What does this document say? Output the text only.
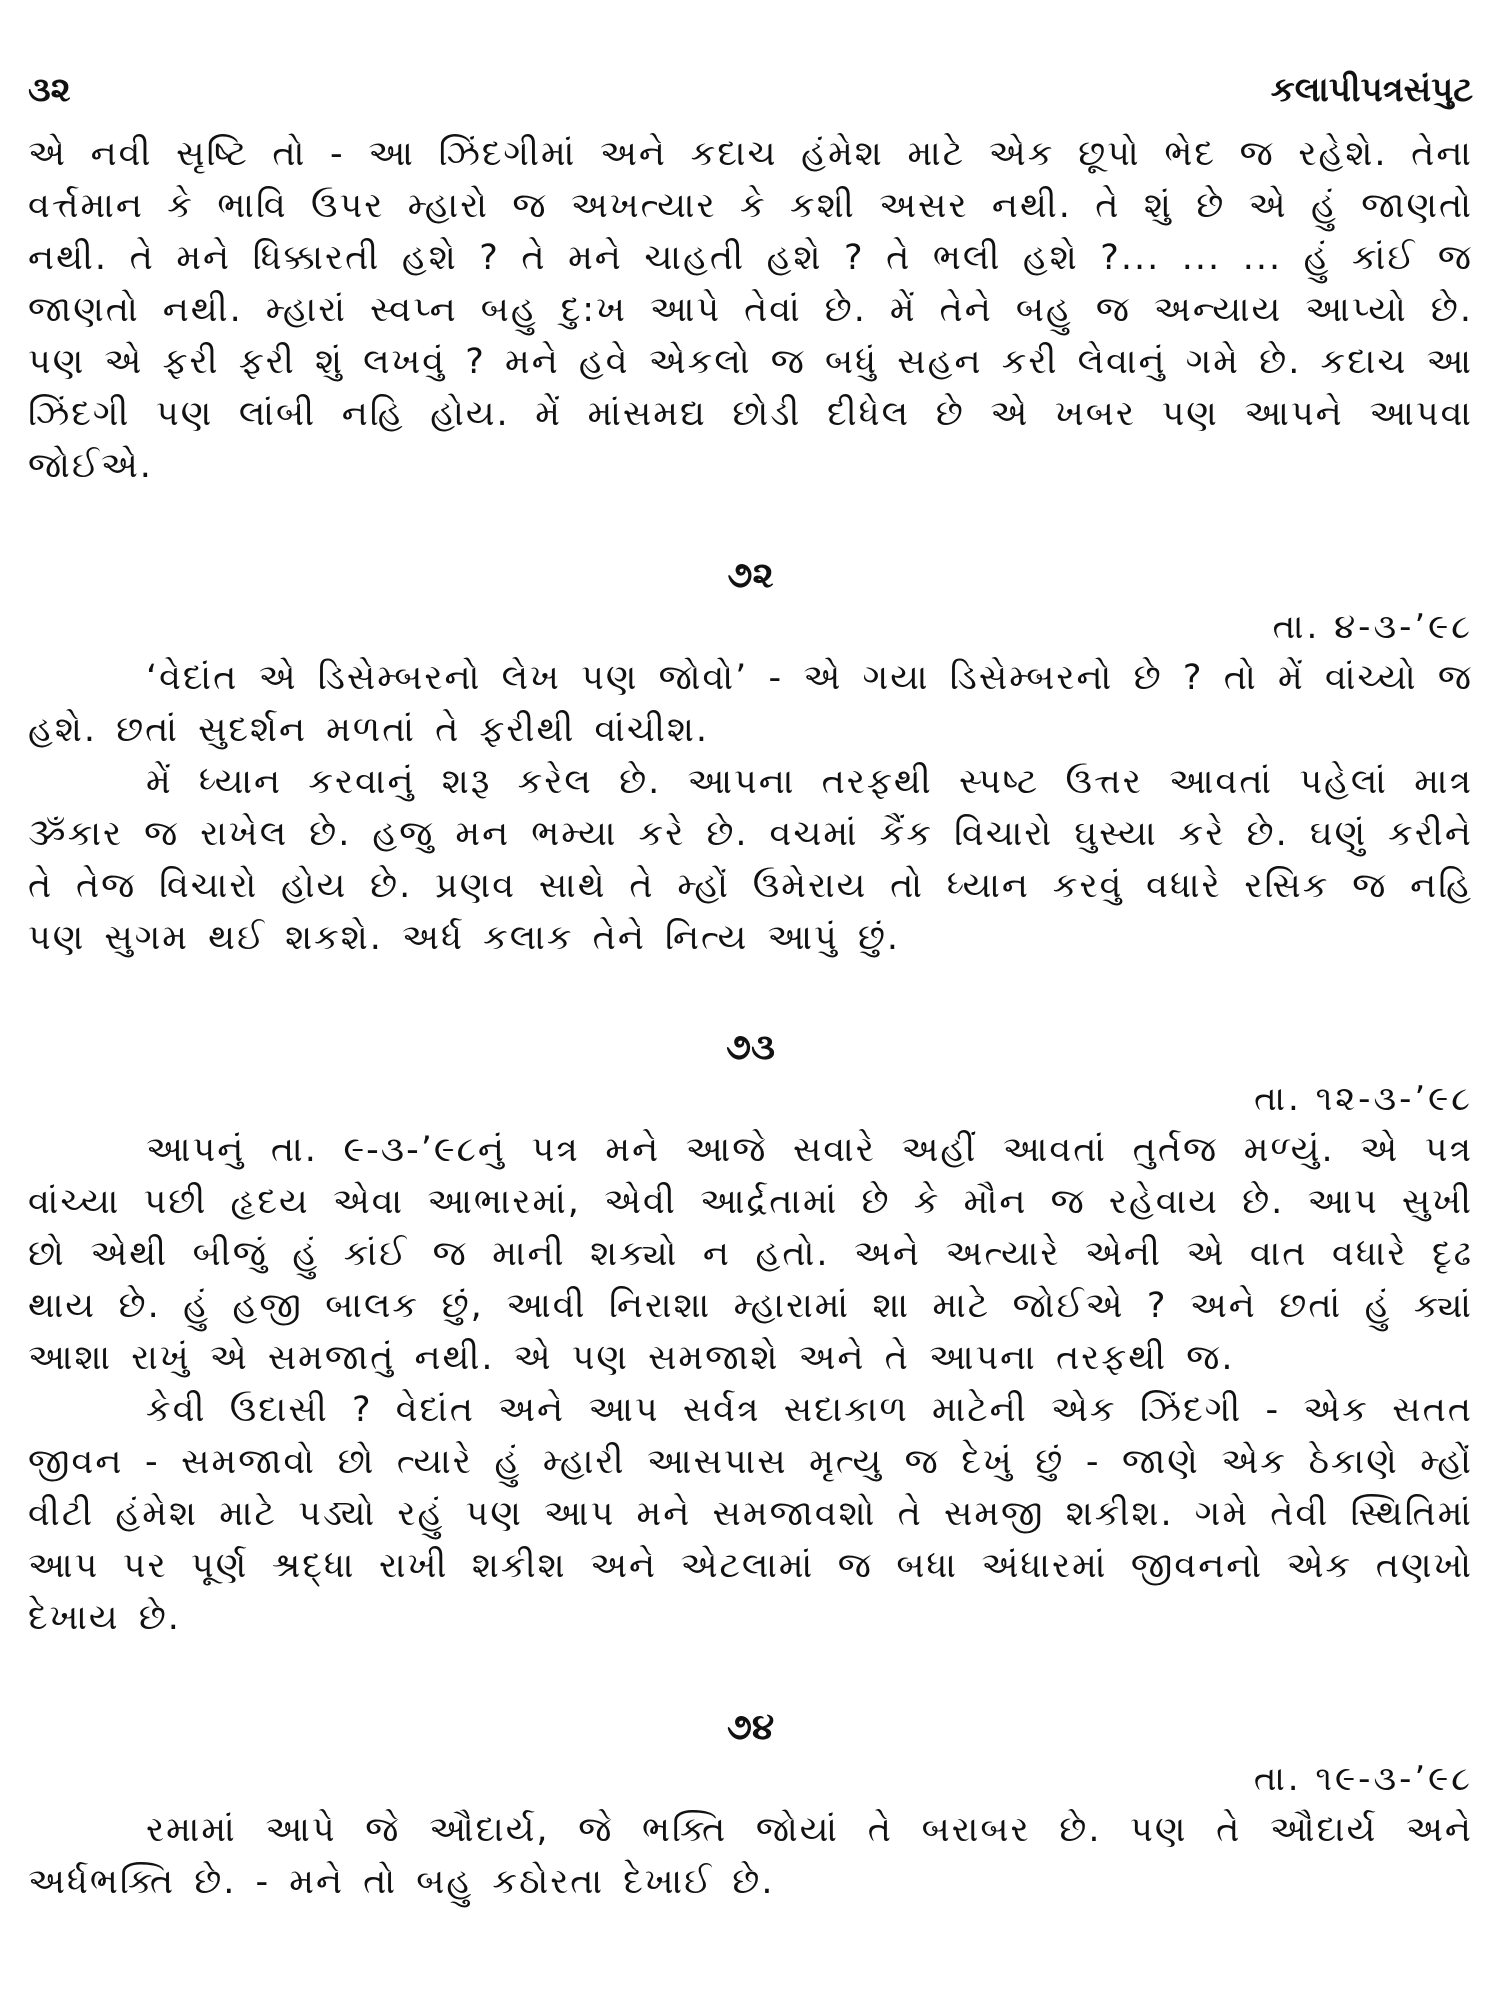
૩૨	કલાપીપત્રસંપુટ

એ નવી સૃષ્ટિ તો - આ ઝિંદગીમાં અને કદાચ હંમેશ માટે એક છૂપો ભેદ જ રહેશે. તેના વર્ત્તમાન કે ભાવિ ઉપર મ્હારો જ અખત્યાર કે કશી અસર નથી. તે શું છે એ હું જાણતો નથી. તે મને ધિક્કારતી હશે ? તે મને ચાહતી હશે ? તે ભલી હશે ?... ... ... હું કાંઈ જ જાણતો નથી. મ્હારાં સ્વપ્ન બહુ દુ:ખ આપે તેવાં છે. મેં તેને બહુ જ અન્યાય આપ્યો છે. પણ એ ફરી ફરી શું લખવું ? મને હવે એકલો જ બધું સહન કરી લેવાનું ગમે છે. કદાચ આ ઝિંદગી પણ લાંબી નહિ હોય. મેં માંસમદ્ય છોડી દીધેલ છે એ ખબર પણ આપને આપવા જોઈએ.

૭૨
તા. ૪-૩-’૯૮

‘વેદાંત એ ડિસેમ્બરનો લેખ પણ જોવો’ - એ ગયા ડિસેમ્બરનો છે ? તો મેં વાંચ્યો જ હશે. છતાં સુદર્શન મળતાં તે ફરીથી વાંચીશ.

મેં ધ્યાન કરવાનું શરૂ કરેલ છે. આપના તરફથી સ્પષ્ટ ઉત્તર આવતાં પહેલાં માત્ર ૐકાર જ રાખેલ છે. હજુ મન ભમ્યા કરે છે. વચમાં કૈંક વિચારો ઘુસ્યા કરે છે. ઘણું કરીને તે તેજ વિચારો હોય છે. પ્રણવ સાથે તે મ્હોં ઉમેરાય તો ધ્યાન કરવું વધારે રસિક જ નહિ પણ સુગમ થઈ શકશે. અર્ધ કલાક તેને નિત્ય આપું છું.

૭૩
તા. ૧૨-૩-’૯૮

આપનું તા. ૯-૩-’૯૮નું પત્ર મને આજે સવારે અહીં આવતાં તુર્તજ મળ્યું. એ પત્ર વાંચ્યા પછી હૃદય એવા આભારમાં, એવી આર્દ્રતામાં છે કે મૌન જ રહેવાય છે. આપ સુખી છો એથી બીજું હું કાંઈ જ માની શક્યો ન હતો. અને અત્યારે એની એ વાત વધારે દૃઢ થાય છે. હું હજી બાલક છું, આવી નિરાશા મ્હારામાં શા માટે જોઈએ ? અને છતાં હું ક્યાં આશા રાખું એ સમજાતું નથી. એ પણ સમજાશે અને તે આપના તરફથી જ.

કેવી ઉદાસી ? વેદાંત અને આપ સર્વત્ર સદાકાળ માટેની એક ઝિંદગી - એક સતત જીવન - સમજાવો છો ત્યારે હું મ્હારી આસપાસ મૃત્યુ જ દેખું છું - જાણે એક ઠેકાણે મ્હોં વીટી હંમેશ માટે પડ્યો રહું પણ આપ મને સમજાવશો તે સમજી શકીશ. ગમે તેવી સ્થિતિમાં આપ પર પૂર્ણ શ્રદ્ધા રાખી શકીશ અને એટલામાં જ બધા અંધારમાં જીવનનો એક તણખો દેખાય છે.

૭૪
તા. ૧૯-૩-’૯૮

રમામાં આપે જે ઔદાર્ય, જે ભક્તિ જોયાં તે બરાબર છે. પણ તે ઔદાર્ય અને અર્ધભક્તિ છે. - મને તો બહુ કઠોરતા દેખાઈ છે.
